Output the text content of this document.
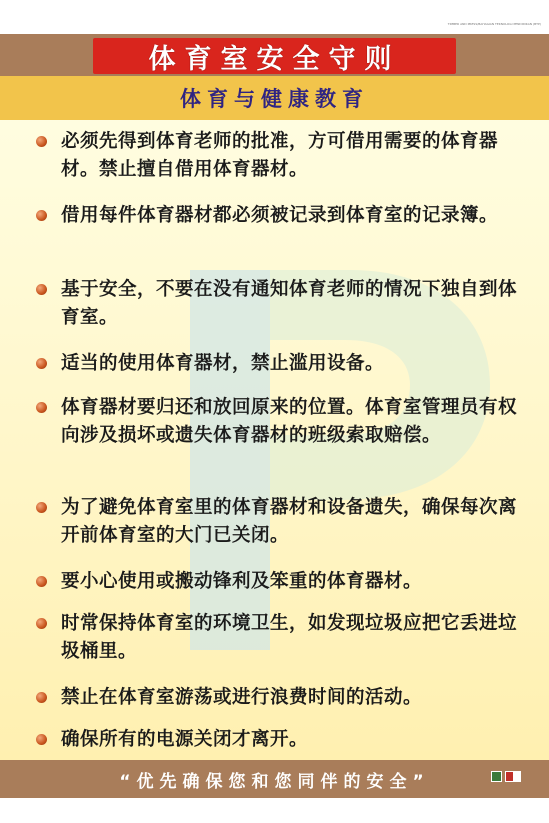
TIMBER AND PRESS/BAHAGIAN TEKNOLOGI PENDIDIKAN (BTP)
体育室安全守则
体育与健康教育
必须先得到体育老师的批准，方可借用需要的体育器材。禁止擅自借用体育器材。
借用每件体育器材都必须被记录到体育室的记录簿。
基于安全，不要在没有通知体育老师的情况下独自到体育室。
适当的使用体育器材，禁止滥用设备。
体育器材要归还和放回原来的位置。体育室管理员有权向涉及损坏或遗失体育器材的班级索取赔偿。
为了避免体育室里的体育器材和设备遗失，确保每次离开前体育室的大门已关闭。
要小心使用或搬动锋利及笨重的体育器材。
时常保持体育室的环境卫生，如发现垃圾应把它丢进垃圾桶里。
禁止在体育室游荡或进行浪费时间的活动。
确保所有的电源关闭才离开。
“优先确保您和您同伴的安全”
